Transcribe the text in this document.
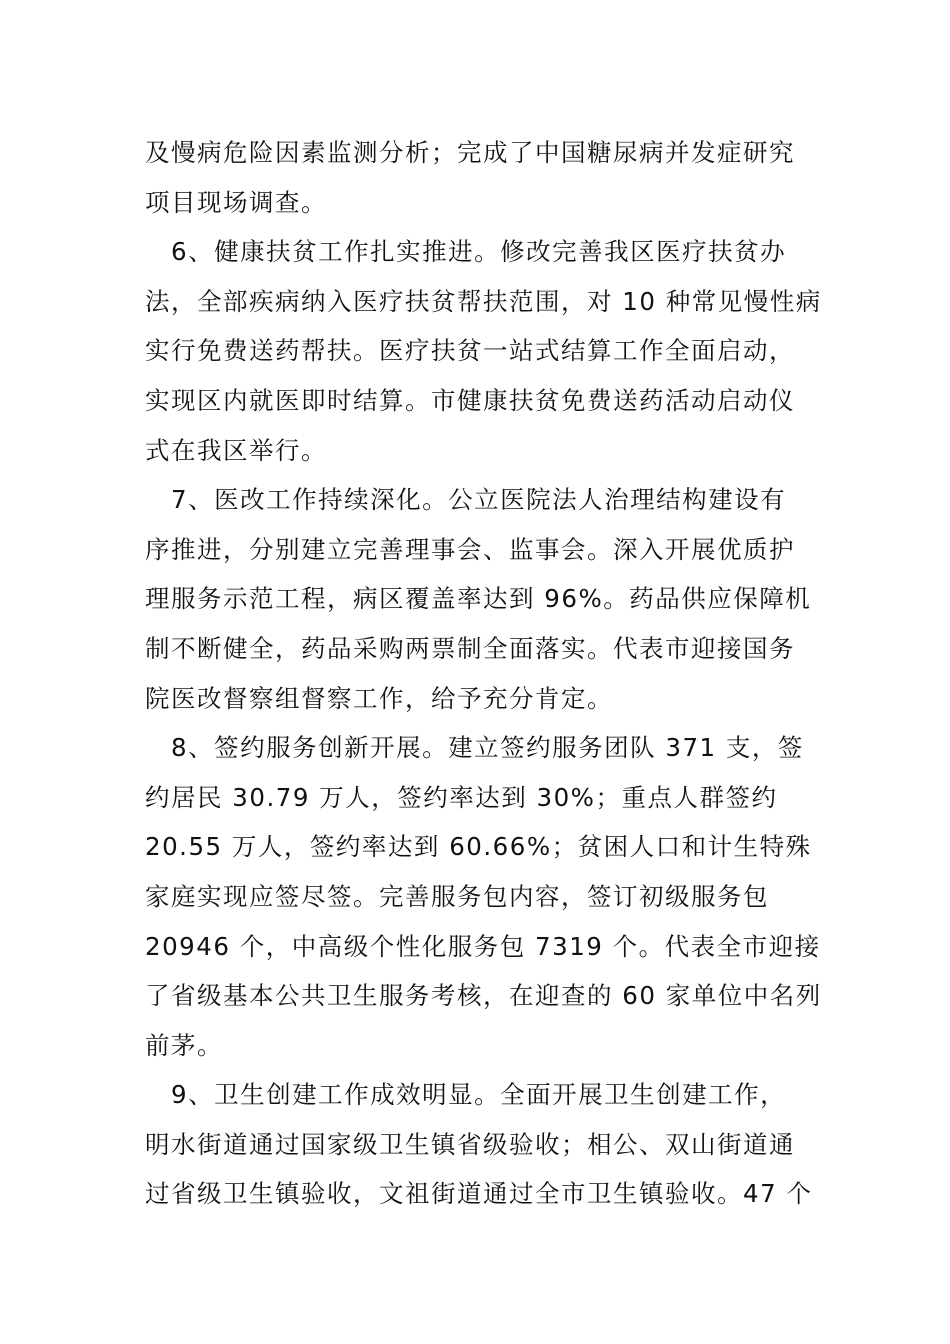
及慢病危险因素监测分析；完成了中国糖尿病并发症研究
项目现场调查。

　6、健康扶贫工作扎实推进。修改完善我区医疗扶贫办
法，全部疾病纳入医疗扶贫帮扶范围，对 10 种常见慢性病
实行免费送药帮扶。医疗扶贫一站式结算工作全面启动，
实现区内就医即时结算。市健康扶贫免费送药活动启动仪
式在我区举行。

　7、医改工作持续深化。公立医院法人治理结构建设有
序推进，分别建立完善理事会、监事会。深入开展优质护
理服务示范工程，病区覆盖率达到 96%。药品供应保障机
制不断健全，药品采购两票制全面落实。代表市迎接国务
院医改督察组督察工作，给予充分肯定。

　8、签约服务创新开展。建立签约服务团队 371 支，签
约居民 30.79 万人，签约率达到 30%；重点人群签约
20.55 万人，签约率达到 60.66%；贫困人口和计生特殊
家庭实现应签尽签。完善服务包内容，签订初级服务包
20946 个，中高级个性化服务包 7319 个。代表全市迎接
了省级基本公共卫生服务考核，在迎查的 60 家单位中名列
前茅。

　9、卫生创建工作成效明显。全面开展卫生创建工作，
明水街道通过国家级卫生镇省级验收；相公、双山街道通
过省级卫生镇验收，文祖街道通过全市卫生镇验收。47 个
